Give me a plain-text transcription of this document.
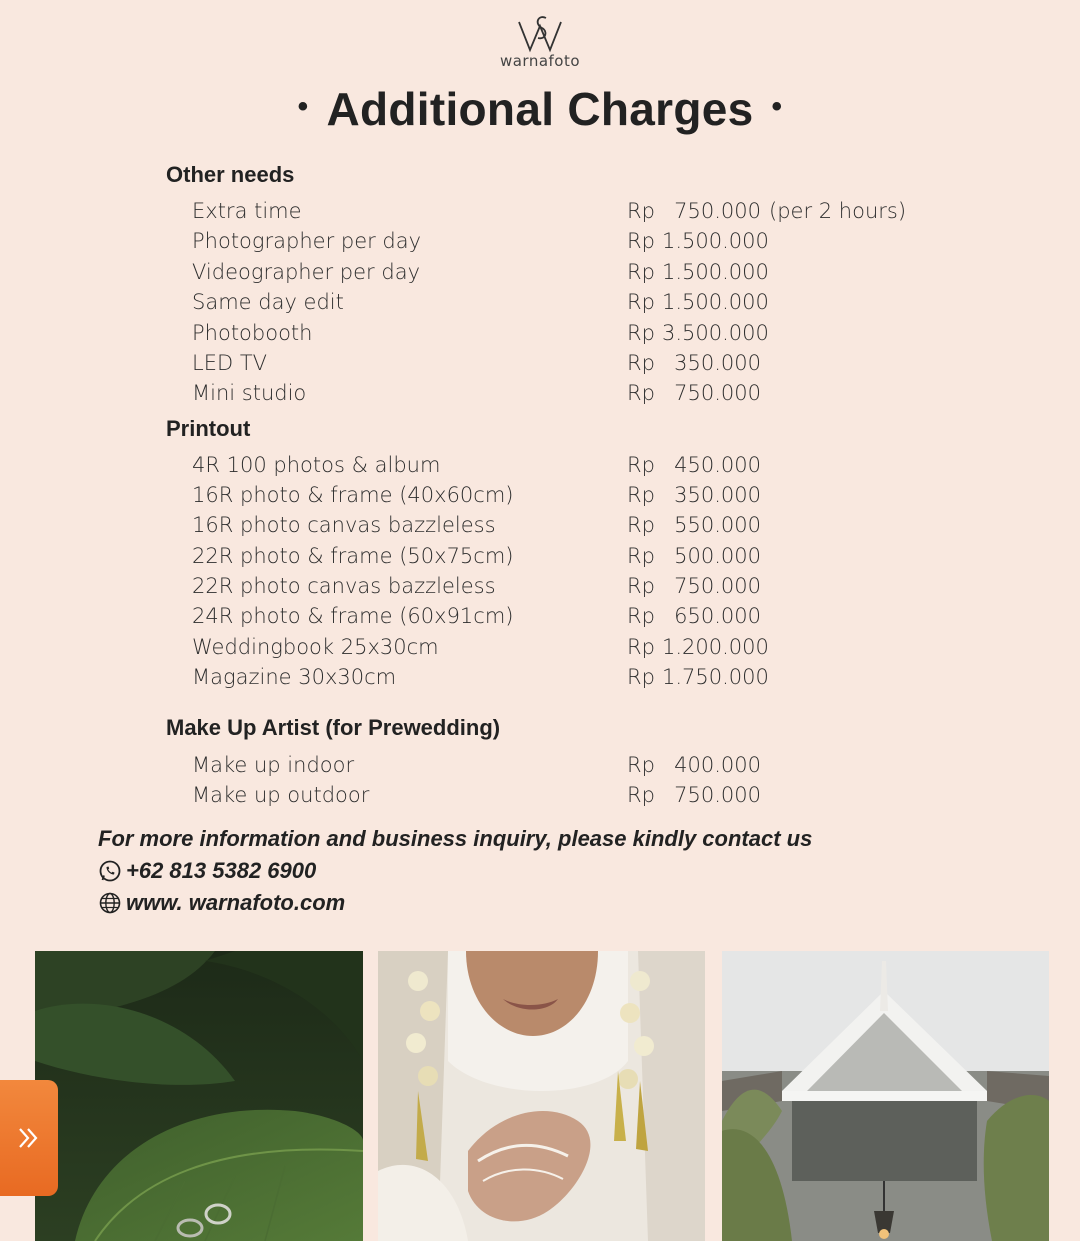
warnafoto
• Additional Charges •
Other needs
Extra time	Rp 750.000 (per 2 hours)
Photographer per day	Rp 1.500.000
Videographer per day	Rp 1.500.000
Same day edit	Rp 1.500.000
Photobooth	Rp 3.500.000
LED TV	Rp 350.000
Mini studio	Rp 750.000
Printout
4R 100 photos & album	Rp 450.000
16R photo & frame (40x60cm)	Rp 350.000
16R photo canvas bazzleless	Rp 550.000
22R photo & frame (50x75cm)	Rp 500.000
22R photo canvas bazzleless	Rp 750.000
24R photo & frame (60x91cm)	Rp 650.000
Weddingbook 25x30cm	Rp 1.200.000
Magazine 30x30cm	Rp 1.750.000
Make Up Artist (for Prewedding)
Make up indoor	Rp 400.000
Make up outdoor	Rp 750.000
For more information and business inquiry, please kindly contact us
+62 813 5382 6900
www. warnafoto.com
